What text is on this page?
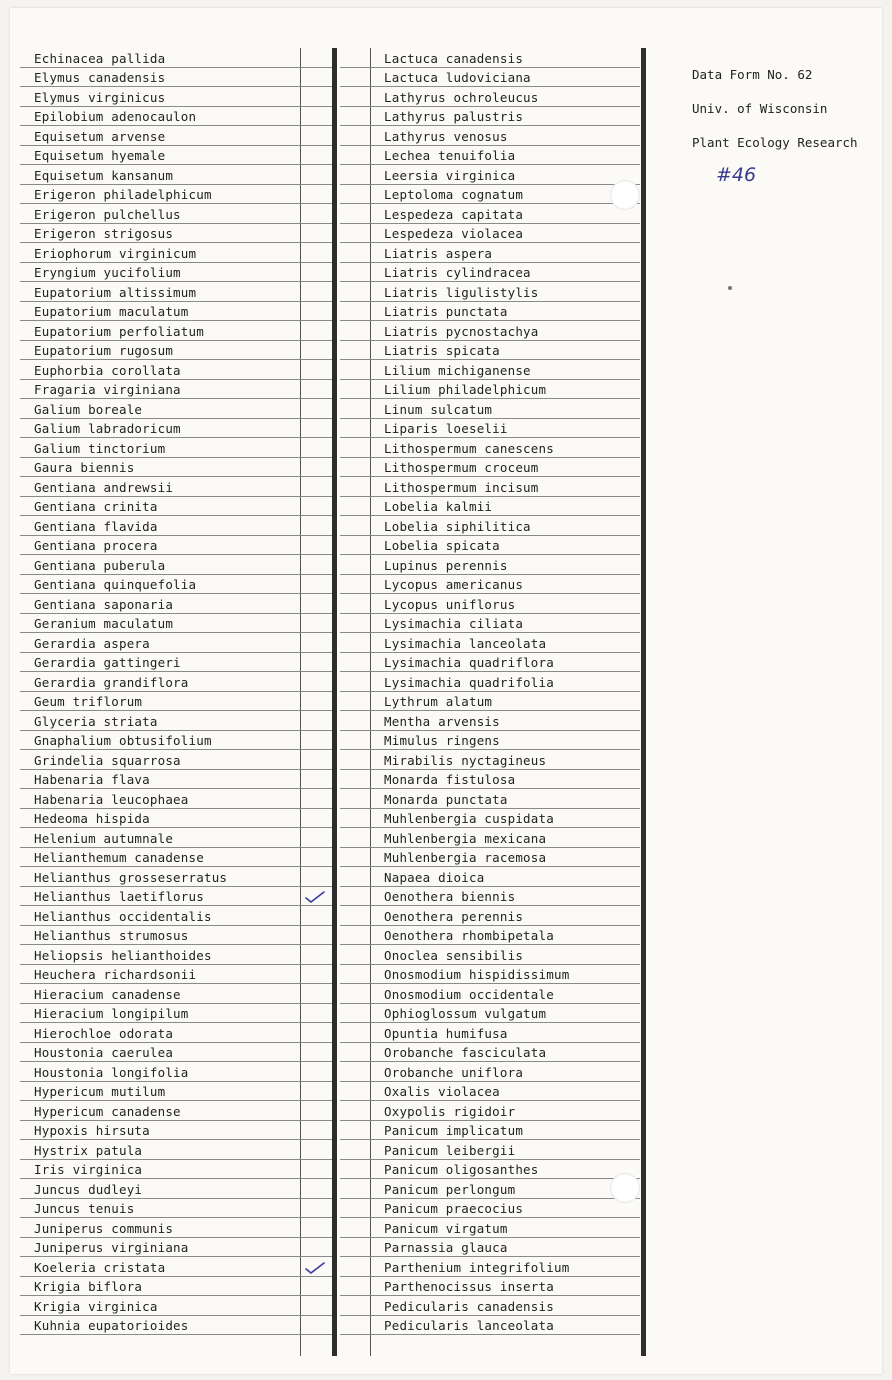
Echinacea pallida
Elymus canadensis
Elymus virginicus
Epilobium adenocaulon
Equisetum arvense
Equisetum hyemale
Equisetum kansanum
Erigeron philadelphicum
Erigeron pulchellus
Erigeron strigosus
Eriophorum virginicum
Eryngium yucifolium
Eupatorium altissimum
Eupatorium maculatum
Eupatorium perfoliatum
Eupatorium rugosum
Euphorbia corollata
Fragaria virginiana
Galium boreale
Galium labradoricum
Galium tinctorium
Gaura biennis
Gentiana andrewsii
Gentiana crinita
Gentiana flavida
Gentiana procera
Gentiana puberula
Gentiana quinquefolia
Gentiana saponaria
Geranium maculatum
Gerardia aspera
Gerardia gattingeri
Gerardia grandiflora
Geum triflorum
Glyceria striata
Gnaphalium obtusifolium
Grindelia squarrosa
Habenaria flava
Habenaria leucophaea
Hedeoma hispida
Helenium autumnale
Helianthemum canadense
Helianthus grosseserratus
Helianthus laetiflorus
Helianthus occidentalis
Helianthus strumosus
Heliopsis helianthoides
Heuchera richardsonii
Hieracium canadense
Hieracium longipilum
Hierochloe odorata
Houstonia caerulea
Houstonia longifolia
Hypericum mutilum
Hypericum canadense
Hypoxis hirsuta
Hystrix patula
Iris virginica
Juncus dudleyi
Juncus tenuis
Juniperus communis
Juniperus virginiana
Koeleria cristata
Krigia biflora
Krigia virginica
Kuhnia eupatorioides
Lactuca canadensis
Lactuca ludoviciana
Lathyrus ochroleucus
Lathyrus palustris
Lathyrus venosus
Lechea tenuifolia
Leersia virginica
Leptoloma cognatum
Lespedeza capitata
Lespedeza violacea
Liatris aspera
Liatris cylindracea
Liatris ligulistylis
Liatris punctata
Liatris pycnostachya
Liatris spicata
Lilium michiganense
Lilium philadelphicum
Linum sulcatum
Liparis loeselii
Lithospermum canescens
Lithospermum croceum
Lithospermum incisum
Lobelia kalmii
Lobelia siphilitica
Lobelia spicata
Lupinus perennis
Lycopus americanus
Lycopus uniflorus
Lysimachia ciliata
Lysimachia lanceolata
Lysimachia quadriflora
Lysimachia quadrifolia
Lythrum alatum
Mentha arvensis
Mimulus ringens
Mirabilis nyctagineus
Monarda fistulosa
Monarda punctata
Muhlenbergia cuspidata
Muhlenbergia mexicana
Muhlenbergia racemosa
Napaea dioica
Oenothera biennis
Oenothera perennis
Oenothera rhombipetala
Onoclea sensibilis
Onosmodium hispidissimum
Onosmodium occidentale
Ophioglossum vulgatum
Opuntia humifusa
Orobanche fasciculata
Orobanche uniflora
Oxalis violacea
Oxypolis rigidoir
Panicum implicatum
Panicum leibergii
Panicum oligosanthes
Panicum perlongum
Panicum praecocius
Panicum virgatum
Parnassia glauca
Parthenium integrifolium
Parthenocissus inserta
Pedicularis canadensis
Pedicularis lanceolata
Data Form No. 62
Univ. of Wisconsin
Plant Ecology Research
#46
